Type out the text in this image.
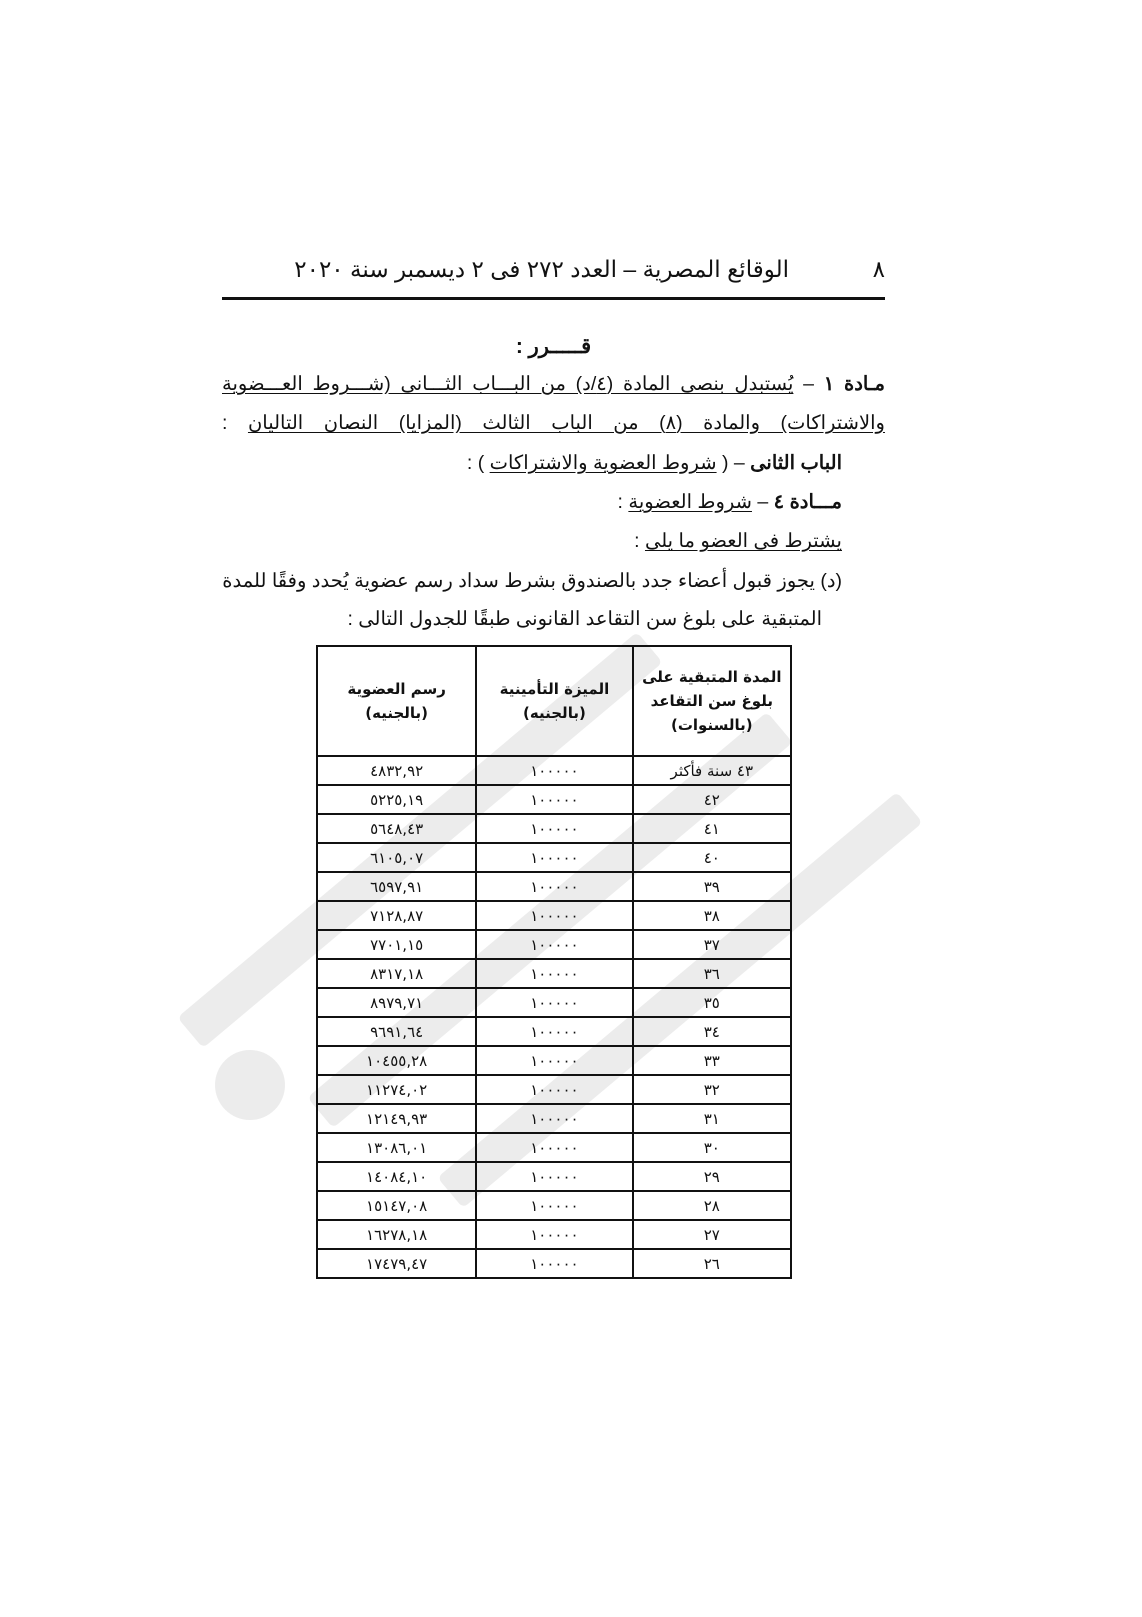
٨
الوقائع المصرية – العدد ٢٧٢ فى ٢ ديسمبر سنة ٢٠٢٠
قـــــرر :
مـادة ١ – يُستبدل بنصى المادة (٤/د) من البـــاب الثـــانى (شـــروط العـــضوية
والاشتراكات) والمادة (٨) من الباب الثالث (المزايا) النصان التاليان :
الباب الثانى – ( شروط العضوية والاشتراكات ) :
مـــادة ٤ – شروط العضوية :
يشترط فى العضو ما يلى :
(د) يجوز قبول أعضاء جدد بالصندوق بشرط سداد رسم عضوية يُحدد وفقًا للمدة
المتبقية على بلوغ سن التقاعد القانونى طبقًا للجدول التالى :
المدة المتبقية على بلوغ سن التقاعد (بالسنوات)	الميزة التأمينية (بالجنيه)	رسم العضوية (بالجنيه)
٤٣ سنة فأكثر	١٠٠٠٠٠	٤٨٣٢,٩٢
٤٢	١٠٠٠٠٠	٥٢٢٥,١٩
٤١	١٠٠٠٠٠	٥٦٤٨,٤٣
٤٠	١٠٠٠٠٠	٦١٠٥,٠٧
٣٩	١٠٠٠٠٠	٦٥٩٧,٩١
٣٨	١٠٠٠٠٠	٧١٢٨,٨٧
٣٧	١٠٠٠٠٠	٧٧٠١,١٥
٣٦	١٠٠٠٠٠	٨٣١٧,١٨
٣٥	١٠٠٠٠٠	٨٩٧٩,٧١
٣٤	١٠٠٠٠٠	٩٦٩١,٦٤
٣٣	١٠٠٠٠٠	١٠٤٥٥,٢٨
٣٢	١٠٠٠٠٠	١١٢٧٤,٠٢
٣١	١٠٠٠٠٠	١٢١٤٩,٩٣
٣٠	١٠٠٠٠٠	١٣٠٨٦,٠١
٢٩	١٠٠٠٠٠	١٤٠٨٤,١٠
٢٨	١٠٠٠٠٠	١٥١٤٧,٠٨
٢٧	١٠٠٠٠٠	١٦٢٧٨,١٨
٢٦	١٠٠٠٠٠	١٧٤٧٩,٤٧
